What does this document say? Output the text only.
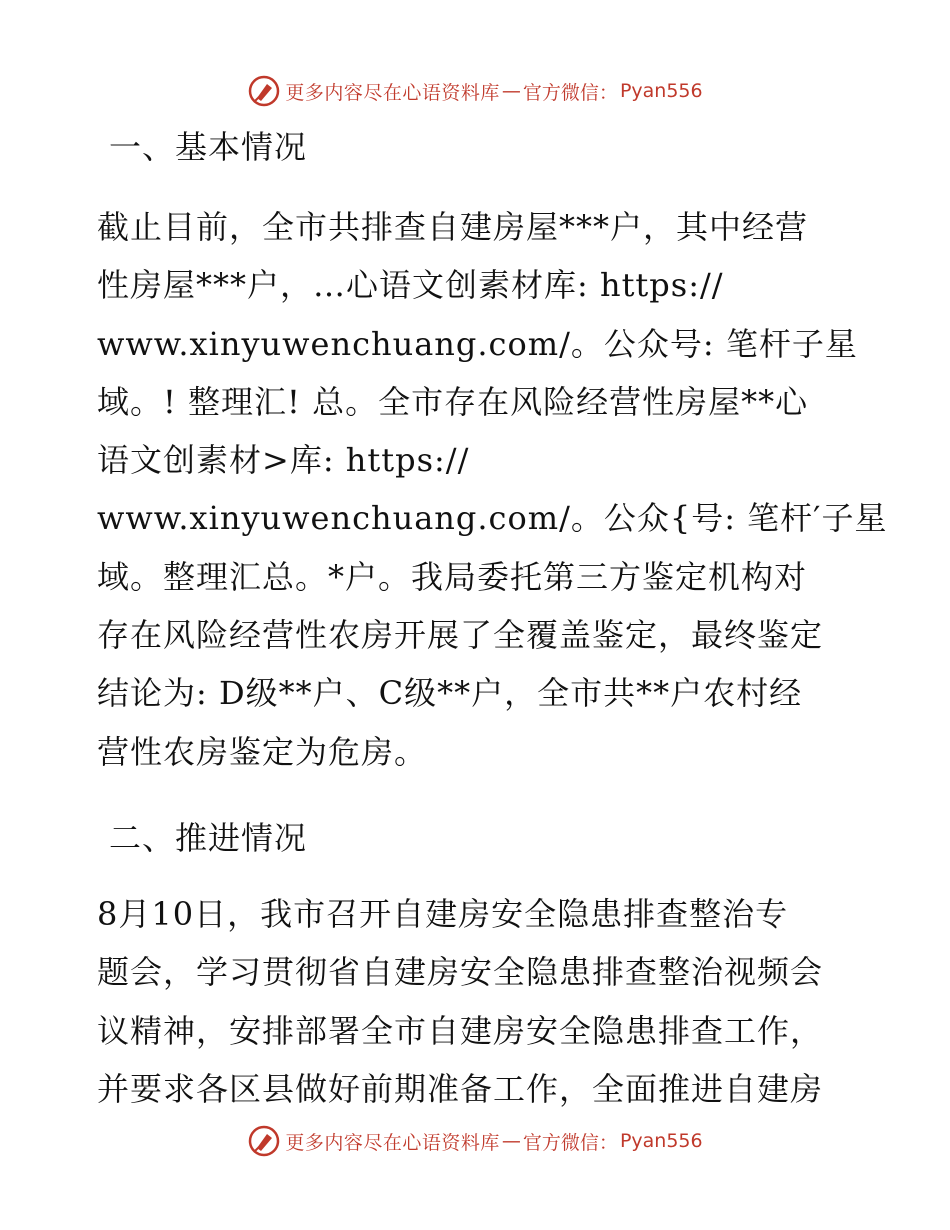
更多内容尽在心语资料库 — 官方微信： Pyan556
一、基本情况

截止目前，全市共排查自建房屋***户，其中经营
性房屋***户，…心语文创素材库: https://
www.xinyuwenchuang.com/。公众号: 笔杆子星
域。! 整理汇! 总。全市存在风险经营性房屋**心
语文创素材>库: https://
www.xinyuwenchuang.com/。公众{号: 笔杆′子星
域。整理汇总。*户。我局委托第三方鉴定机构对
存在风险经营性农房开展了全覆盖鉴定，最终鉴定
结论为: D级**户、C级**户，全市共**户农村经
营性农房鉴定为危房。

二、推进情况

8月10日，我市召开自建房安全隐患排查整治专
题会，学习贯彻省自建房安全隐患排查整治视频会
议精神，安排部署全市自建房安全隐患排查工作，
并要求各区县做好前期准备工作，全面推进自建房

更多内容尽在心语资料库 — 官方微信： Pyan556
